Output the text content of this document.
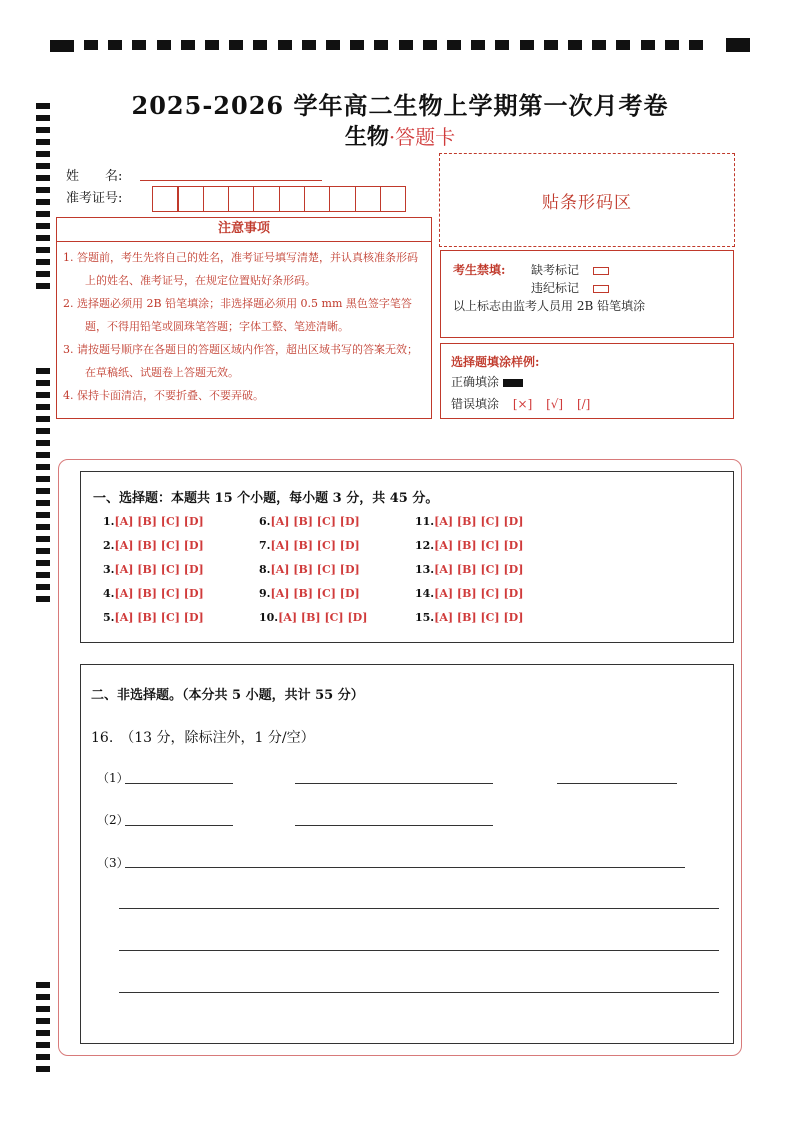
2025-2026 学年高二生物上学期第一次月考卷
生物·答题卡
姓　　名:
准考证号:	贴条形码区
注意事项
1. 答题前，考生先将自己的姓名，准考证号填写清楚，并认真核准条形码上的姓名、准考证号，在规定位置贴好条形码。
2. 选择题必须用 2B 铅笔填涂；非选择题必须用 0.5 mm 黑色签字笔答题，不得用铅笔或圆珠笔答题；字体工整、笔迹清晰。
3. 请按题号顺序在各题目的答题区域内作答，超出区域书写的答案无效；在草稿纸、试题卷上答题无效。
4. 保持卡面清洁，不要折叠、不要弄破。
考生禁填: 缺考标记
违纪标记
以上标志由监考人员用 2B 铅笔填涂
选择题填涂样例:
正确填涂
错误填涂 [×] [√] [/]
一、选择题：本题共 15 个小题，每小题 3 分，共 45 分。
1.[A] [B] [C] [D]
2.[A] [B] [C] [D]
3.[A] [B] [C] [D]
4.[A] [B] [C] [D]
5.[A] [B] [C] [D]
6.[A] [B] [C] [D]
7.[A] [B] [C] [D]
8.[A] [B] [C] [D]
9.[A] [B] [C] [D]
10.[A] [B] [C] [D]
11.[A] [B] [C] [D]
12.[A] [B] [C] [D]
13.[A] [B] [C] [D]
14.[A] [B] [C] [D]
15.[A] [B] [C] [D]
二、非选择题。（本分共 5 小题，共计 55 分）
16.　（13 分，除标注外，1 分/空）
（1）
（2）
（3）
